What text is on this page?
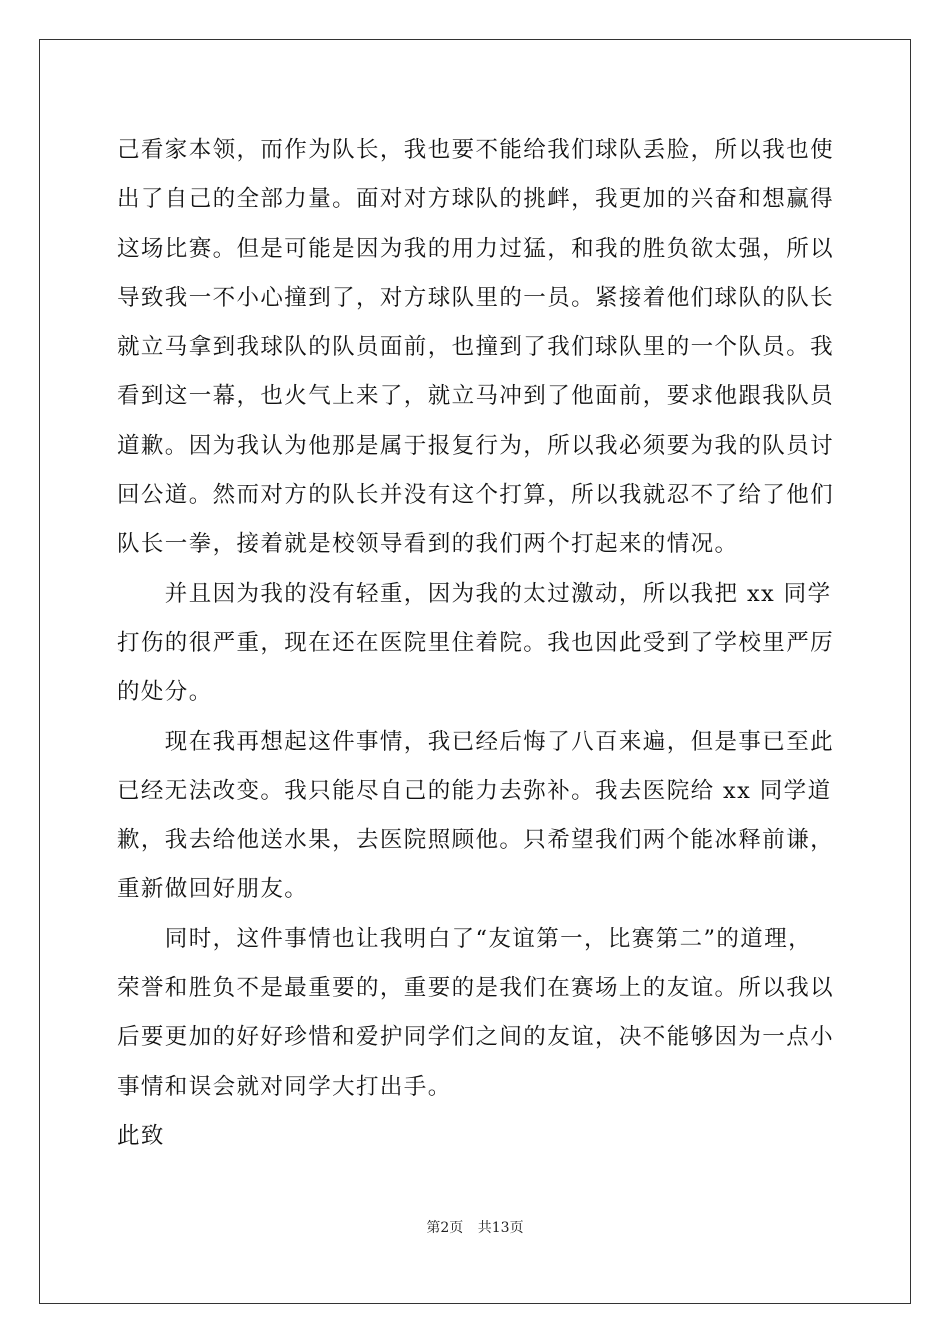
己看家本领，而作为队长，我也要不能给我们球队丢脸，所以我也使
出了自己的全部力量。面对对方球队的挑衅，我更加的兴奋和想赢得
这场比赛。但是可能是因为我的用力过猛，和我的胜负欲太强，所以
导致我一不小心撞到了，对方球队里的一员。紧接着他们球队的队长
就立马拿到我球队的队员面前，也撞到了我们球队里的一个队员。我
看到这一幕，也火气上来了，就立马冲到了他面前，要求他跟我队员
道歉。因为我认为他那是属于报复行为，所以我必须要为我的队员讨
回公道。然而对方的队长并没有这个打算，所以我就忍不了给了他们
队长一拳，接着就是校领导看到的我们两个打起来的情况。
　　并且因为我的没有轻重，因为我的太过激动，所以我把 xx 同学
打伤的很严重，现在还在医院里住着院。我也因此受到了学校里严厉
的处分。
　　现在我再想起这件事情，我已经后悔了八百来遍，但是事已至此
已经无法改变。我只能尽自己的能力去弥补。我去医院给 xx 同学道
歉，我去给他送水果，去医院照顾他。只希望我们两个能冰释前谦，
重新做回好朋友。
　　同时，这件事情也让我明白了“友谊第一，比赛第二”的道理，
荣誉和胜负不是最重要的，重要的是我们在赛场上的友谊。所以我以
后要更加的好好珍惜和爱护同学们之间的友谊，决不能够因为一点小
事情和误会就对同学大打出手。
此致
第2页 共13页
